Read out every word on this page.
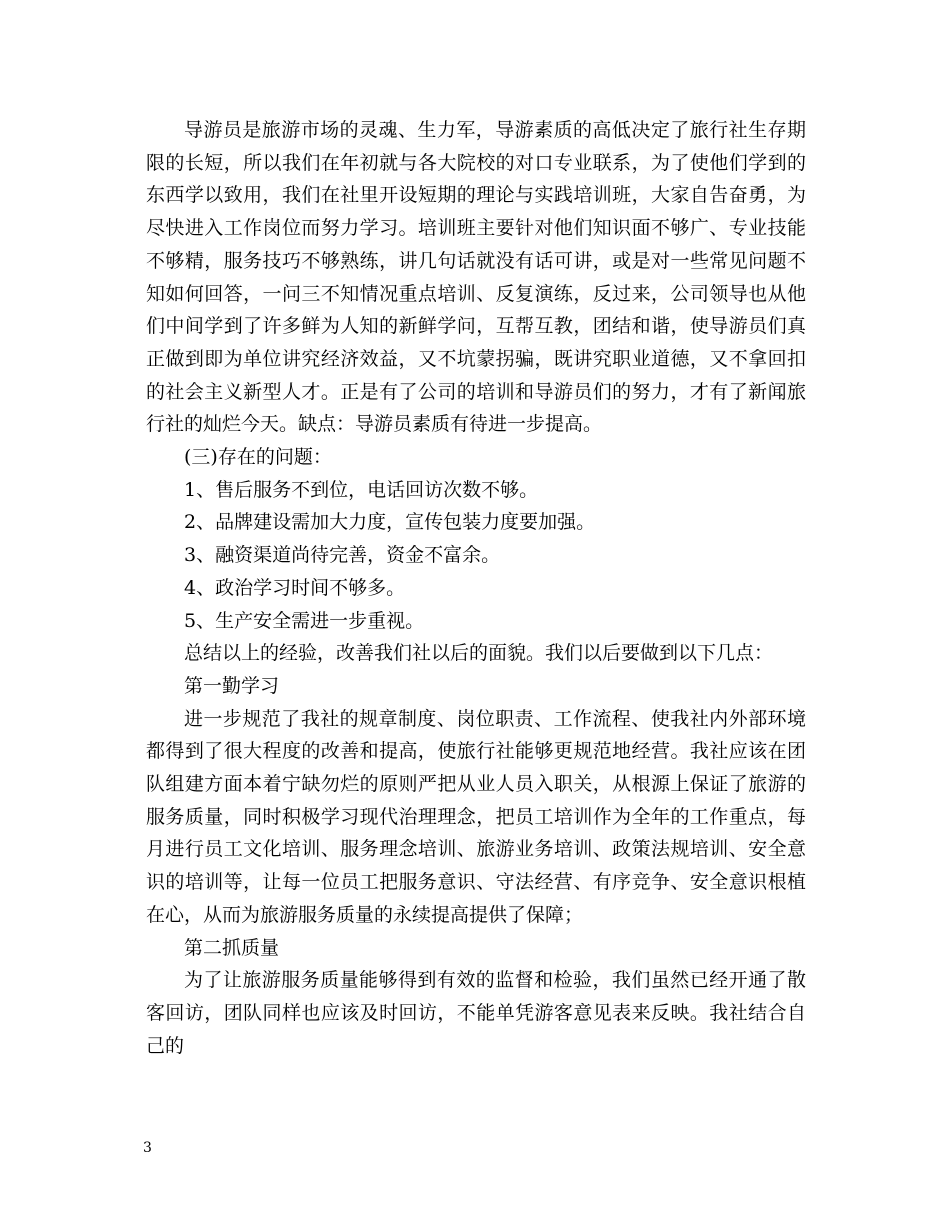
导游员是旅游市场的灵魂、生力军，导游素质的高低决定了旅行社生存期限的长短，所以我们在年初就与各大院校的对口专业联系，为了使他们学到的东西学以致用，我们在社里开设短期的理论与实践培训班，大家自告奋勇，为尽快进入工作岗位而努力学习。培训班主要针对他们知识面不够广、专业技能不够精，服务技巧不够熟练，讲几句话就没有话可讲，或是对一些常见问题不知如何回答，一问三不知情况重点培训、反复演练，反过来，公司领导也从他们中间学到了许多鲜为人知的新鲜学问，互帮互教，团结和谐，使导游员们真正做到即为单位讲究经济效益，又不坑蒙拐骗，既讲究职业道德，又不拿回扣的社会主义新型人才。正是有了公司的培训和导游员们的努力，才有了新闻旅行社的灿烂今天。缺点：导游员素质有待进一步提高。

(三)存在的问题：

1、售后服务不到位，电话回访次数不够。

2、品牌建设需加大力度，宣传包装力度要加强。

3、融资渠道尚待完善，资金不富余。

4、政治学习时间不够多。

5、生产安全需进一步重视。

总结以上的经验，改善我们社以后的面貌。我们以后要做到以下几点：

第一勤学习

进一步规范了我社的规章制度、岗位职责、工作流程、使我社内外部环境都得到了很大程度的改善和提高，使旅行社能够更规范地经营。我社应该在团队组建方面本着宁缺勿烂的原则严把从业人员入职关，从根源上保证了旅游的服务质量，同时积极学习现代治理理念，把员工培训作为全年的工作重点，每月进行员工文化培训、服务理念培训、旅游业务培训、政策法规培训、安全意识的培训等，让每一位员工把服务意识、守法经营、有序竞争、安全意识根植在心，从而为旅游服务质量的永续提高提供了保障；

第二抓质量

为了让旅游服务质量能够得到有效的监督和检验，我们虽然已经开通了散客回访，团队同样也应该及时回访，不能单凭游客意见表来反映。我社结合自己的

3
